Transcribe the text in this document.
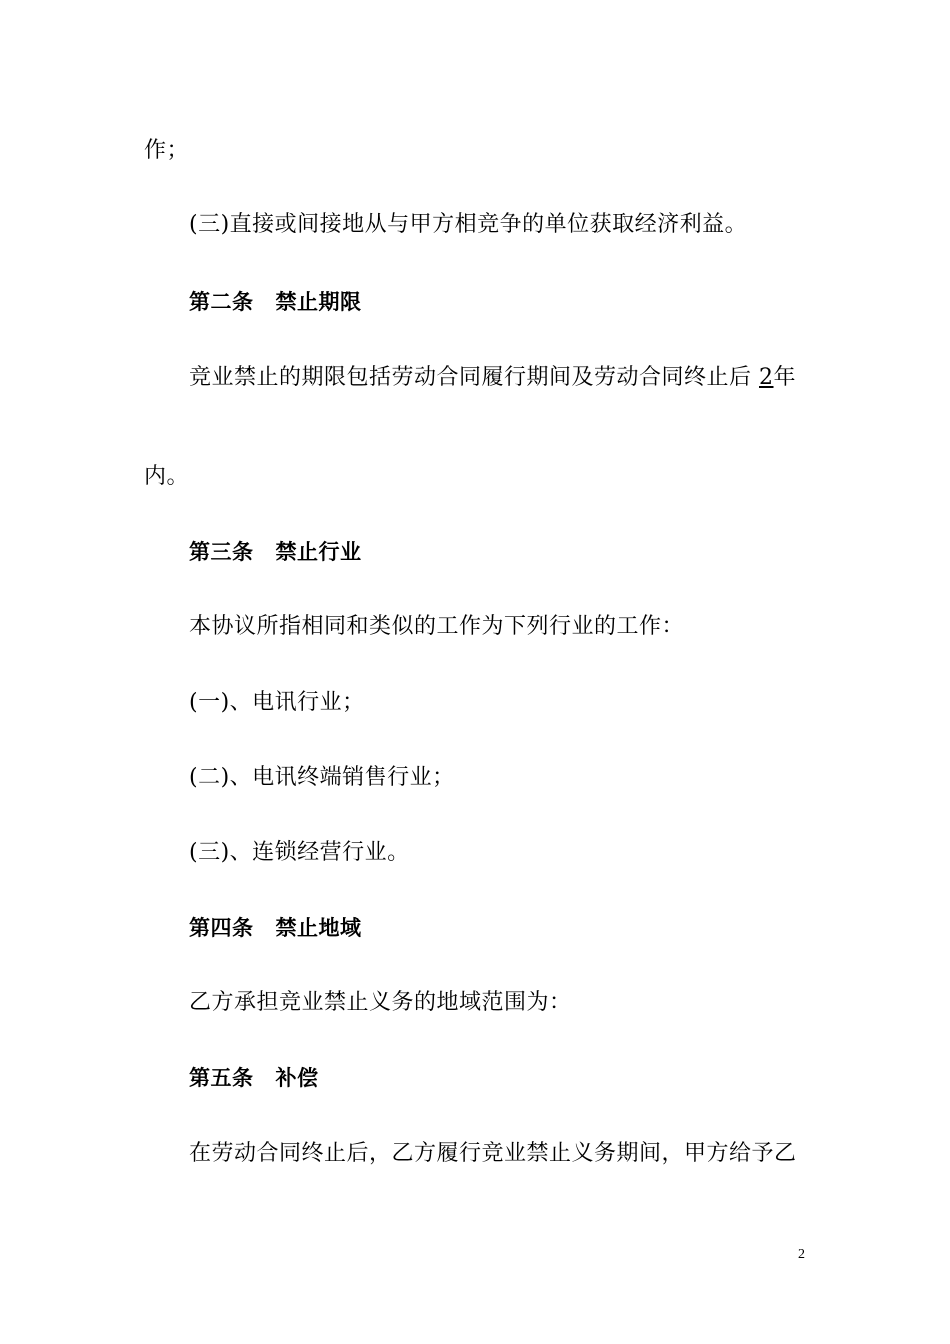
作；
(三)直接或间接地从与甲方相竞争的单位获取经济利益。
第二条 禁止期限
竞业禁止的期限包括劳动合同履行期间及劳动合同终止后 2年
内。
第三条 禁止行业
本协议所指相同和类似的工作为下列行业的工作：
(一)、电讯行业；
(二)、电讯终端销售行业；
(三)、连锁经营行业。
第四条 禁止地域
乙方承担竞业禁止义务的地域范围为：
第五条 补偿
在劳动合同终止后，乙方履行竞业禁止义务期间，甲方给予乙
2
